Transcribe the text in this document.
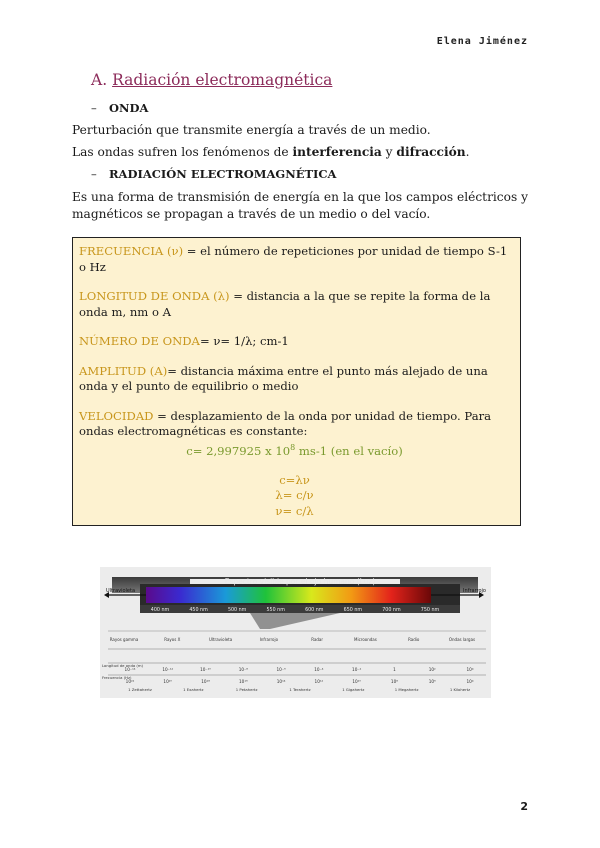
Elena Jiménez
A. Radiación electromagnética
– ONDA
Perturbación que transmite energía a través de un medio.
Las ondas sufren los fenómenos de interferencia y difracción.
– RADIACIÓN ELECTROMAGNÉTICA
Es una forma de transmisión de energía en la que los campos eléctricos y magnéticos se propagan a través de un medio o del vacío.

FRECUENCIA (ν) = el número de repeticiones por unidad de tiempo S-1 o Hz

LONGITUD DE ONDA (λ) = distancia a la que se repite la forma de la onda m, nm o A

NÚMERO DE ONDA= ν= 1/λ; cm-1

AMPLITUD (A)= distancia máxima entre el punto más alejado de una onda y el punto de equilibrio o medio

VELOCIDAD = desplazamiento de la onda por unidad de tiempo. Para ondas electromagnéticas es constante:

c= 2,997925 x $10^8$ ms-1 (en el vacío)
c=λν
λ= c/ν
ν= c/λ
Espectro visible por el ojo humano (Luz)
Ultravioleta	Infrarrojo
400 nm	450 nm	500 nm	550 nm	600 nm	650 nm	700 nm	750 nm
Rayos gamma	Rayos X	Ultravioleta	Infrarrojo	Radar	Microondas	Radio	Ondas largas
Longitud de onda (m)
Frecuencia (Hz)
10⁻¹⁴	10⁻¹²	10⁻¹⁰	10⁻⁸	10⁻⁶	10⁻⁴	10⁻²	1	10²	10⁴
10²²	10²⁰	10¹⁸	10¹⁶	10¹⁴	10¹²	10¹⁰	10⁸	10⁶	10⁴
1 Zettahertz	1 Exahertz	1 Petahertz	1 Terahertz	1 Gigahertz	1 Megahertz	1 Kilohertz
2
